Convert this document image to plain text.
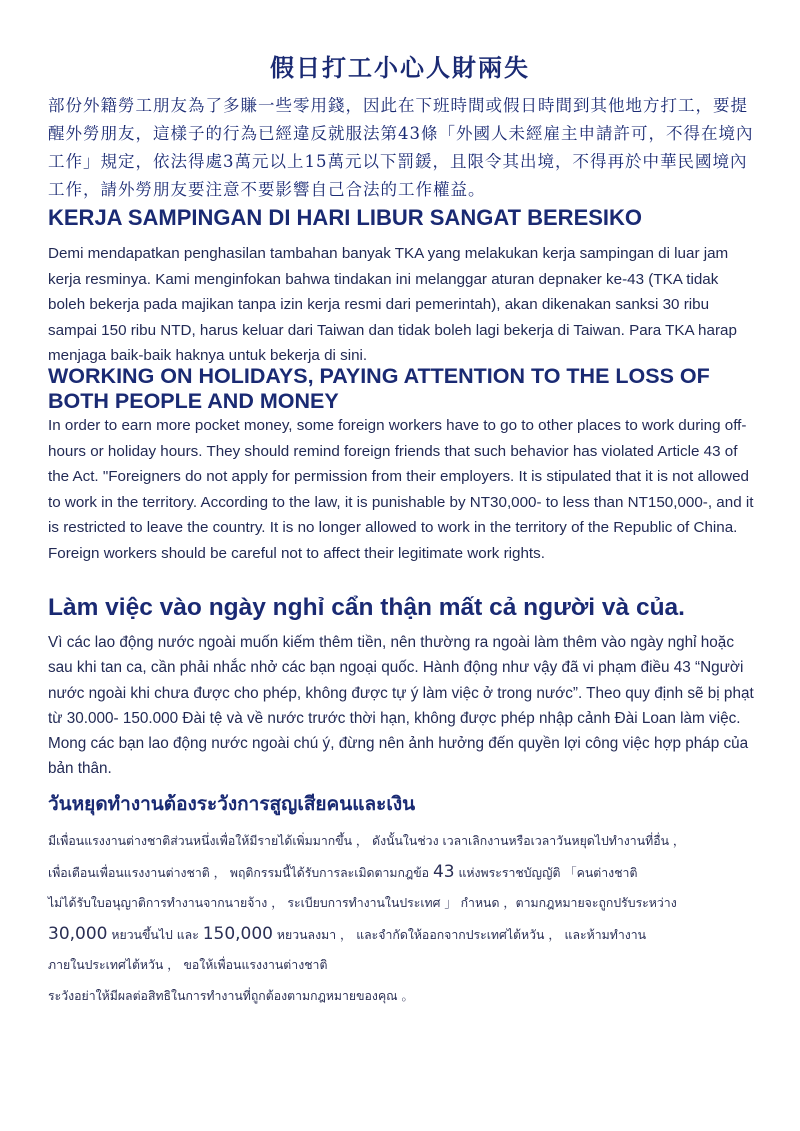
假日打工小心人財兩失

部份外籍勞工朋友為了多賺一些零用錢，因此在下班時間或假日時間到其他地方打工，要提醒外勞朋友，這樣子的行為已經違反就服法第43條「外國人未經雇主申請許可，不得在境內工作」規定，依法得處3萬元以上15萬元以下罰鍰，且限令其出境，不得再於中華民國境內工作，請外勞朋友要注意不要影響自己合法的工作權益。

KERJA SAMPINGAN DI HARI LIBUR SANGAT BERESIKO

Demi mendapatkan penghasilan tambahan banyak TKA yang melakukan kerja sampingan di luar jam kerja resminya. Kami menginfokan bahwa tindakan ini melanggar aturan depnaker ke-43 (TKA tidak boleh bekerja pada majikan tanpa izin kerja resmi dari pemerintah), akan dikenakan sanksi 30 ribu sampai 150 ribu NTD, harus keluar dari Taiwan dan tidak boleh lagi bekerja di Taiwan. Para TKA harap menjaga baik-baik haknya untuk bekerja di sini.

WORKING ON HOLIDAYS, PAYING ATTENTION TO THE LOSS OF BOTH PEOPLE AND MONEY

In order to earn more pocket money, some foreign workers have to go to other places to work during off-hours or holiday hours. They should remind foreign friends that such behavior has violated Article 43 of the Act. "Foreigners do not apply for permission from their employers. It is stipulated that it is not allowed to work in the territory. According to the law, it is punishable by NT30,000- to less than NT150,000-, and it is restricted to leave the country. It is no longer allowed to work in the territory of the Republic of China. Foreign workers should be careful not to affect their legitimate work rights.

Làm việc vào ngày nghỉ cẩn thận mất cả người và của.

Vì các lao động nước ngoài muốn kiếm thêm tiền, nên thường ra ngoài làm thêm vào ngày nghỉ hoặc sau khi tan ca, cần phải nhắc nhở các bạn ngoại quốc. Hành động như vậy đã vi phạm điều 43 “Người nước ngoài khi chưa được cho phép, không được tự ý làm việc ở trong nước”. Theo quy định sẽ bị phạt từ 30.000- 150.000 Đài tệ và về nước trước thời hạn, không được phép nhập cảnh Đài Loan làm việc. Mong các bạn lao động nước ngoài chú ý, đừng nên ảnh hưởng đến quyền lợi công việc hợp pháp của bản thân.

วันหยุดทำงานต้องระวังการสูญเสียคนและเงิน
มีเพื่อนแรงงานต่างชาติส่วนหนึ่งเพื่อให้มีรายได้เพิ่มมากขึ้น ， ดังนั้นในช่วง เวลาเลิกงานหรือเวลาวันหยุดไปทำงานที่อื่น ，
เพื่อเตือนเพื่อนแรงงานต่างชาติ ， พฤติกรรมนี้ได้รับการละเมิดตามกฎข้อ 43 แห่งพระราชบัญญัติ 「คนต่างชาติ
ไม่ได้รับใบอนุญาติการทำงานจากนายจ้าง ， ระเบียบการทำงานในประเทศ 」 กำหนด ，ตามกฎหมายจะถูกปรับระหว่าง
30,000 หยวนขึ้นไป และ 150,000 หยวนลงมา ， และจำกัดให้ออกจากประเทศไต้หวัน ， และห้ามทำงาน
ภายในประเทศไต้หวัน ， ขอให้เพื่อนแรงงานต่างชาติ
ระวังอย่าให้มีผลต่อสิทธิในการทำงานที่ถูกต้องตามกฎหมายของคุณ 。
